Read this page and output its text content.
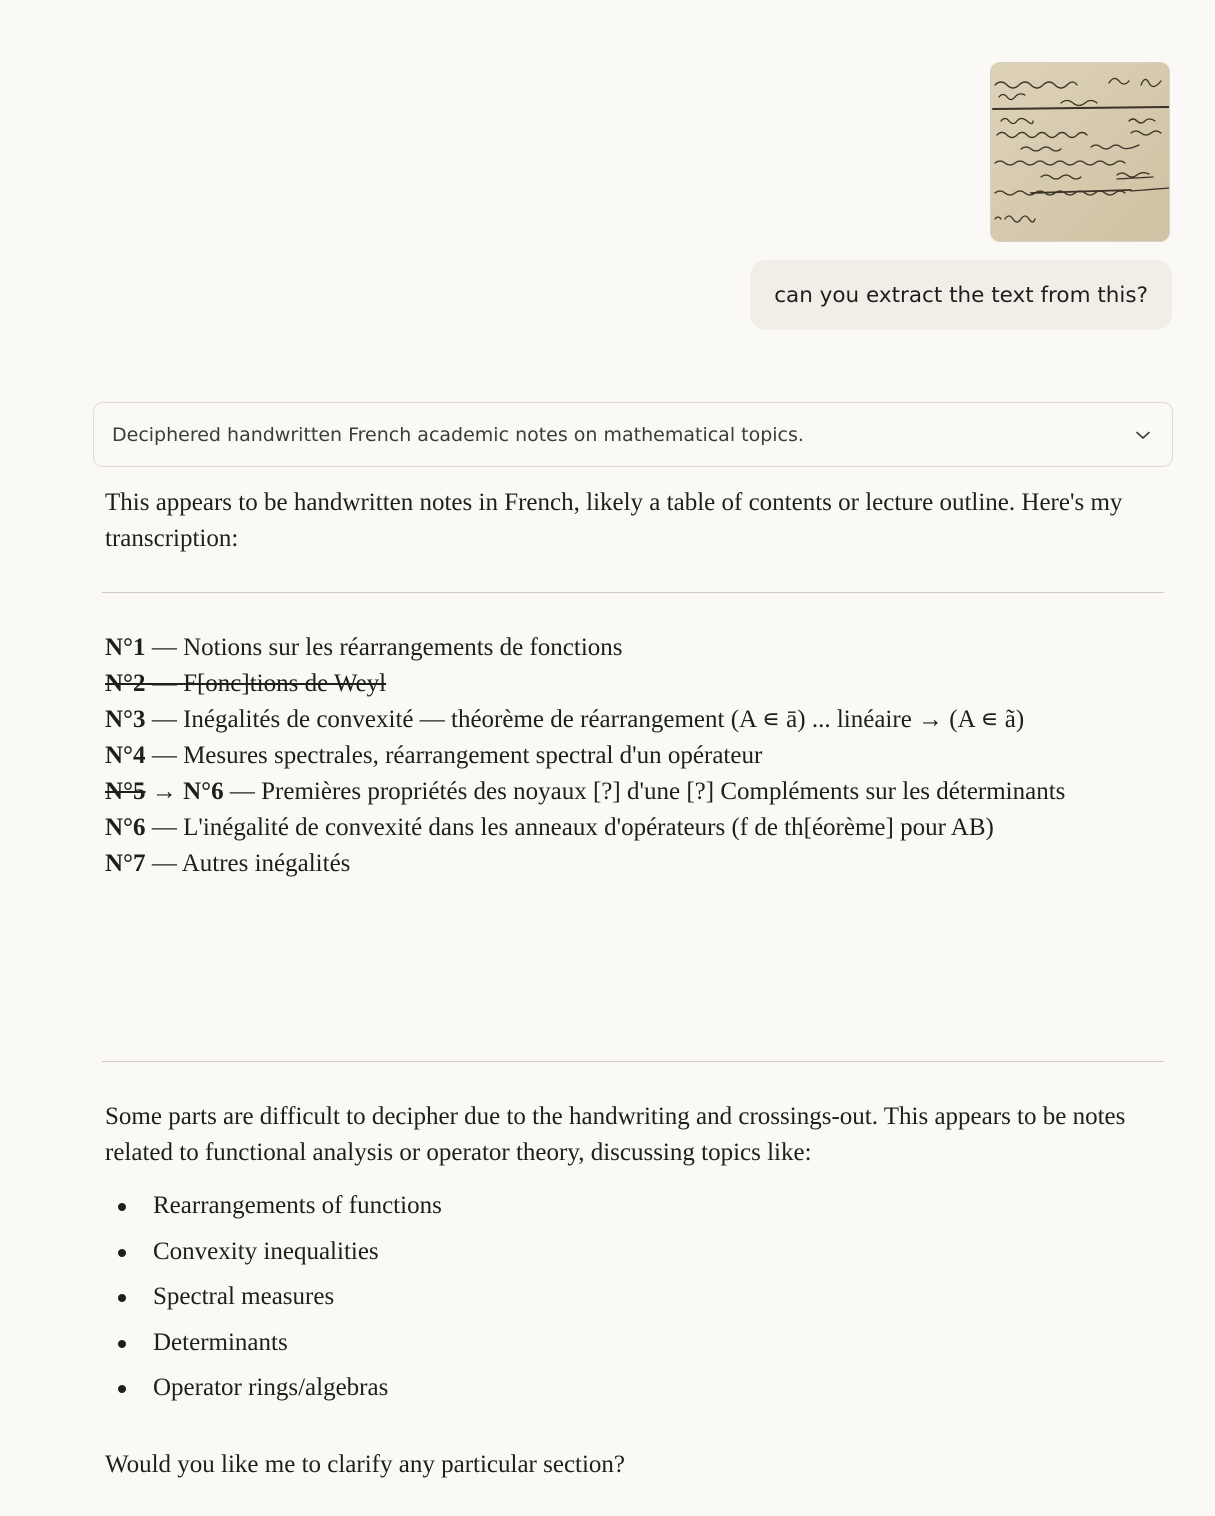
can you extract the text from this?
Deciphered handwritten French academic notes on mathematical topics.

This appears to be handwritten notes in French, likely a table of contents or lecture outline. Here's my transcription:

N°1 — Notions sur les réarrangements de fonctions

N°2 — F[onc]tions de Weyl

N°3 — Inégalités de convexité — théorème de réarrangement (A ∊ ā) ... linéaire → (A ∊ ã)

N°4 — Mesures spectrales, réarrangement spectral d'un opérateur

N°5 → N°6 — Premières propriétés des noyaux [?] d'une [?] Compléments sur les déterminants

N°6 — L'inégalité de convexité dans les anneaux d'opérateurs (f de th[éorème] pour AB)

N°7 — Autres inégalités

Some parts are difficult to decipher due to the handwriting and crossings-out. This appears to be notes related to functional analysis or operator theory, discussing topics like:

Rearrangements of functions
Convexity inequalities
Spectral measures
Determinants
Operator rings/algebras

Would you like me to clarify any particular section?
